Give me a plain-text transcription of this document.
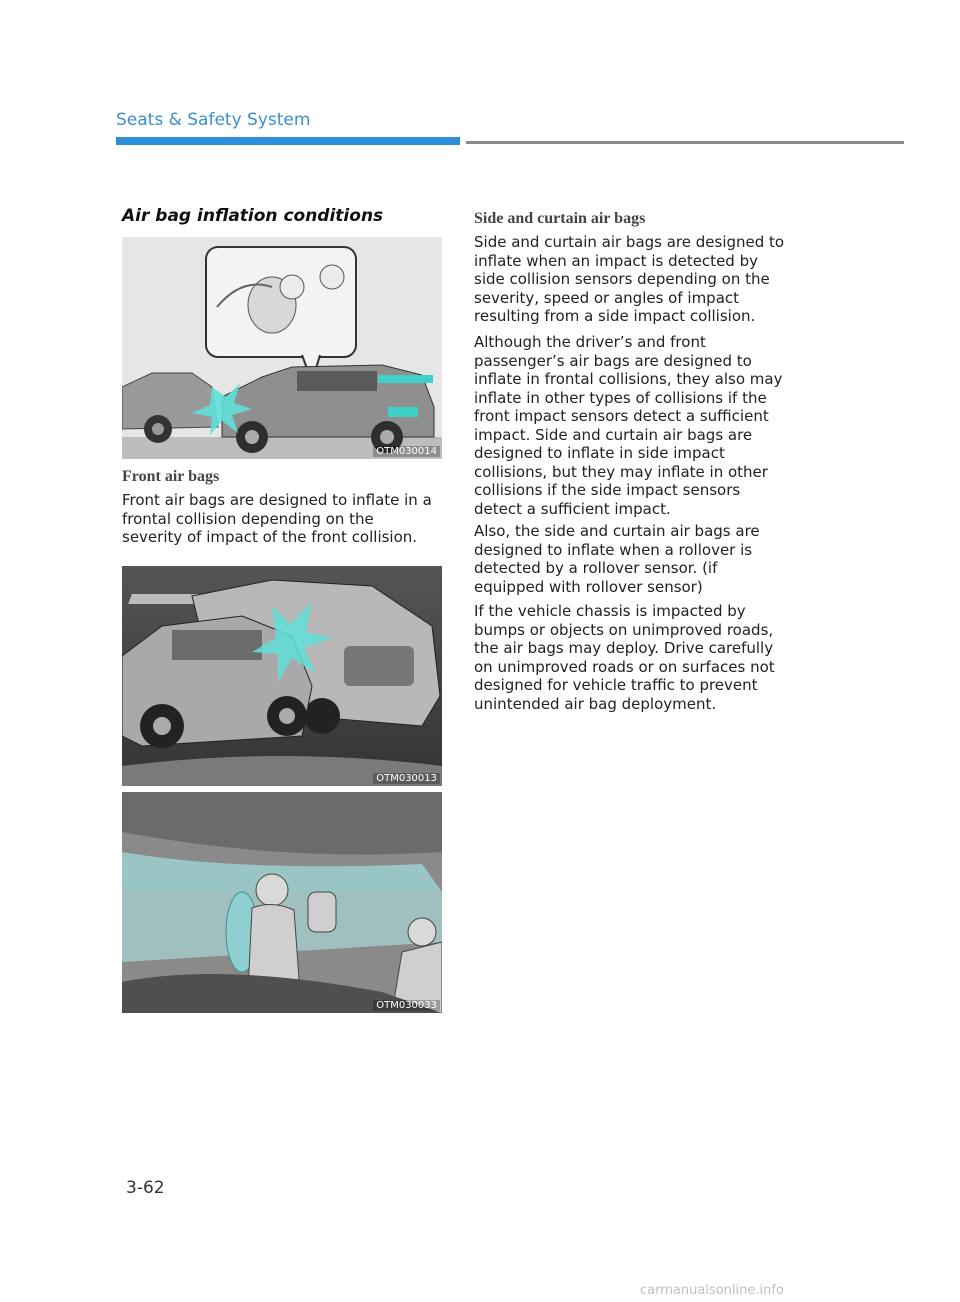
Seats & Safety System
Air bag inflation conditions
OTM030014
Front air bags

Front air bags are designed to inflate in a frontal collision depending on the severity of impact of the front collision.

OTM030013
OTM030033
Side and curtain air bags

Side and curtain air bags are designed to inflate when an impact is detected by side collision sensors depending on the severity, speed or angles of impact resulting from a side impact collision.

Although the driver’s and front passenger’s air bags are designed to inflate in frontal collisions, they also may inflate in other types of collisions if the front impact sensors detect a sufficient impact. Side and curtain air bags are designed to inflate in side impact collisions, but they may inflate in other collisions if the side impact sensors detect a sufficient impact.

Also, the side and curtain air bags are designed to inflate when a rollover is detected by a rollover sensor. (if equipped with rollover sensor)

If the vehicle chassis is impacted by bumps or objects on unimproved roads, the air bags may deploy. Drive carefully on unimproved roads or on surfaces not designed for vehicle traffic to prevent unintended air bag deployment.

3-62
carmanualsonline.info
